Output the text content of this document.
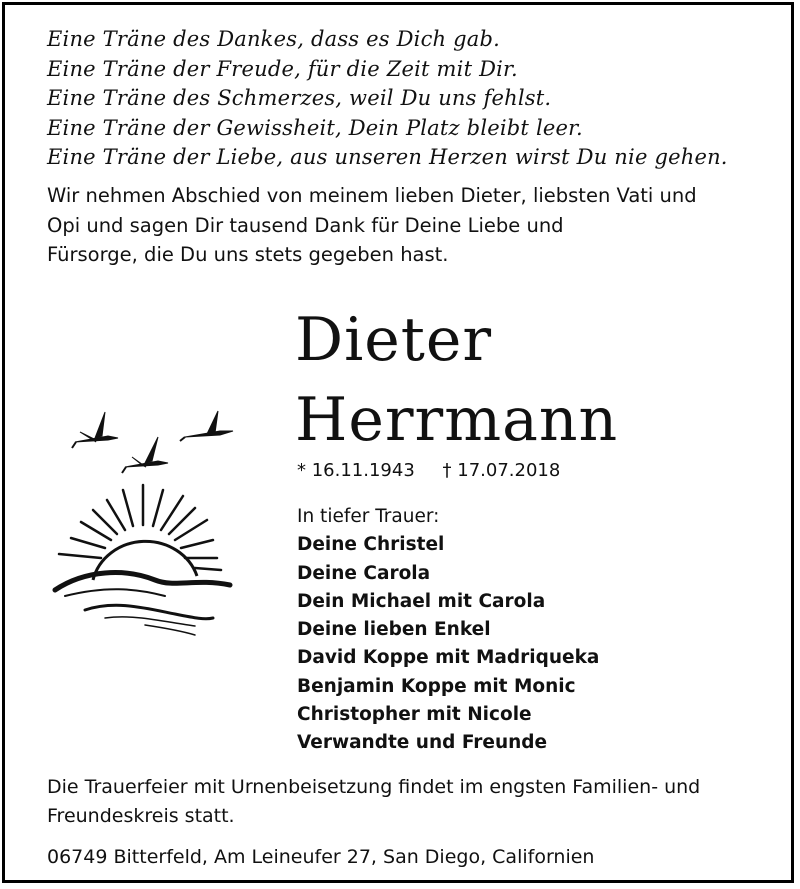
Eine Träne des Dankes, dass es Dich gab.
Eine Träne der Freude, für die Zeit mit Dir.
Eine Träne des Schmerzes, weil Du uns fehlst.
Eine Träne der Gewissheit, Dein Platz bleibt leer.
Eine Träne der Liebe, aus unseren Herzen wirst Du nie gehen.
Wir nehmen Abschied von meinem lieben Dieter, liebsten Vati und
Opi und sagen Dir tausend Dank für Deine Liebe und
Fürsorge, die Du uns stets gegeben hast.
Dieter
Herrmann
* 16.11.1943 † 17.07.2018
In tiefer Trauer:
Deine Christel
Deine Carola
Dein Michael mit Carola
Deine lieben Enkel
David Koppe mit Madriqueka
Benjamin Koppe mit Monic
Christopher mit Nicole
Verwandte und Freunde
Die Trauerfeier mit Urnenbeisetzung findet im engsten Familien- und
Freundeskreis statt.
06749 Bitterfeld, Am Leineufer 27, San Diego, Californien
